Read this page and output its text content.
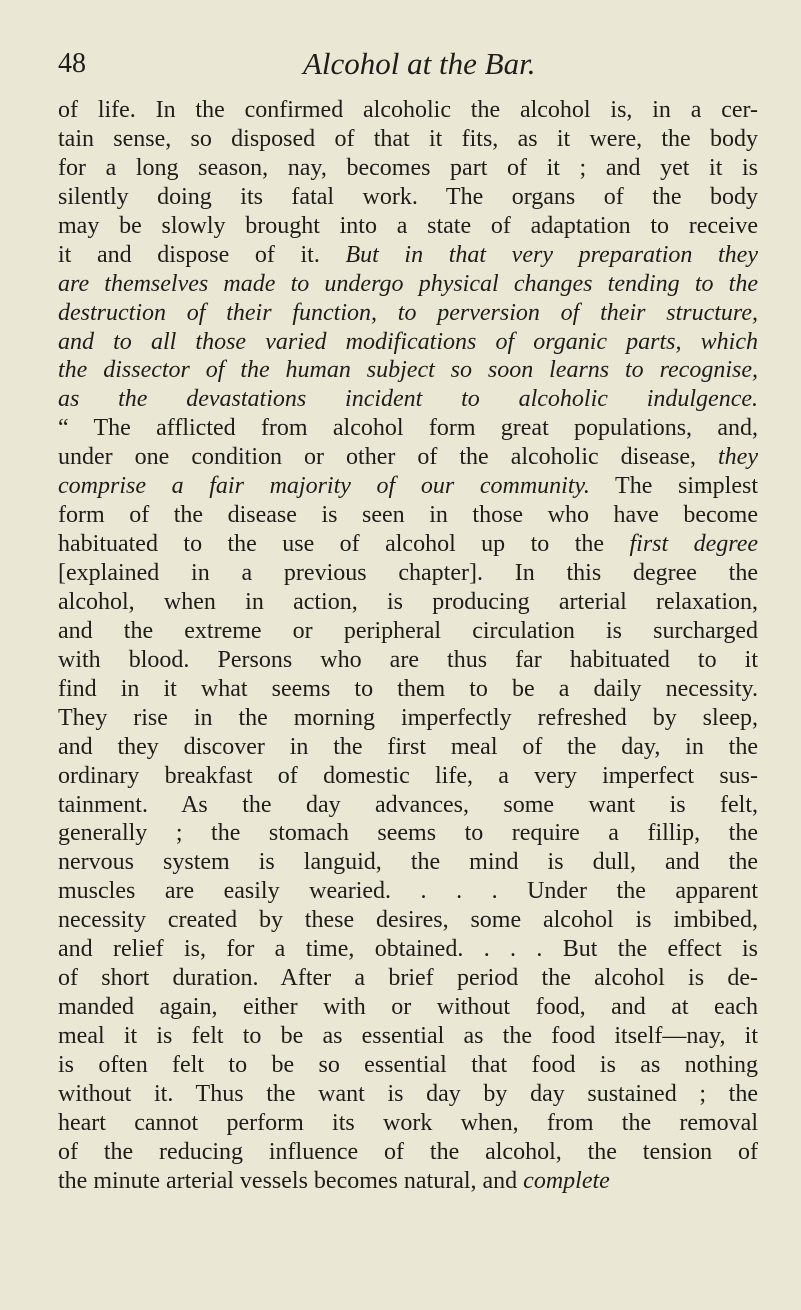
48	Alcohol at the Bar.
of life. In the confirmed alcoholic the alcohol is, in a cer-
tain sense, so disposed of that it fits, as it were, the body
for a long season, nay, becomes part of it ; and yet it is
silently doing its fatal work. The organs of the body
may be slowly brought into a state of adaptation to receive
it and dispose of it. But in that very preparation they
are themselves made to undergo physical changes tending to the
destruction of their function, to perversion of their structure,
and to all those varied modifications of organic parts, which
the dissector of the human subject so soon learns to recognise,
as the devastations incident to alcoholic indulgence.
“ The afflicted from alcohol form great populations, and,
under one condition or other of the alcoholic disease, they
comprise a fair majority of our community. The simplest
form of the disease is seen in those who have become
habituated to the use of alcohol up to the first degree
[explained in a previous chapter]. In this degree the
alcohol, when in action, is producing arterial relaxation,
and the extreme or peripheral circulation is surcharged
with blood. Persons who are thus far habituated to it
find in it what seems to them to be a daily necessity.
They rise in the morning imperfectly refreshed by sleep,
and they discover in the first meal of the day, in the
ordinary breakfast of domestic life, a very imperfect sus-
tainment. As the day advances, some want is felt,
generally ; the stomach seems to require a fillip, the
nervous system is languid, the mind is dull, and the
muscles are easily wearied. . . . Under the apparent
necessity created by these desires, some alcohol is imbibed,
and relief is, for a time, obtained. . . . But the effect is
of short duration. After a brief period the alcohol is de-
manded again, either with or without food, and at each
meal it is felt to be as essential as the food itself—nay, it
is often felt to be so essential that food is as nothing
without it. Thus the want is day by day sustained ; the
heart cannot perform its work when, from the removal
of the reducing influence of the alcohol, the tension of
the minute arterial vessels becomes natural, and complete
